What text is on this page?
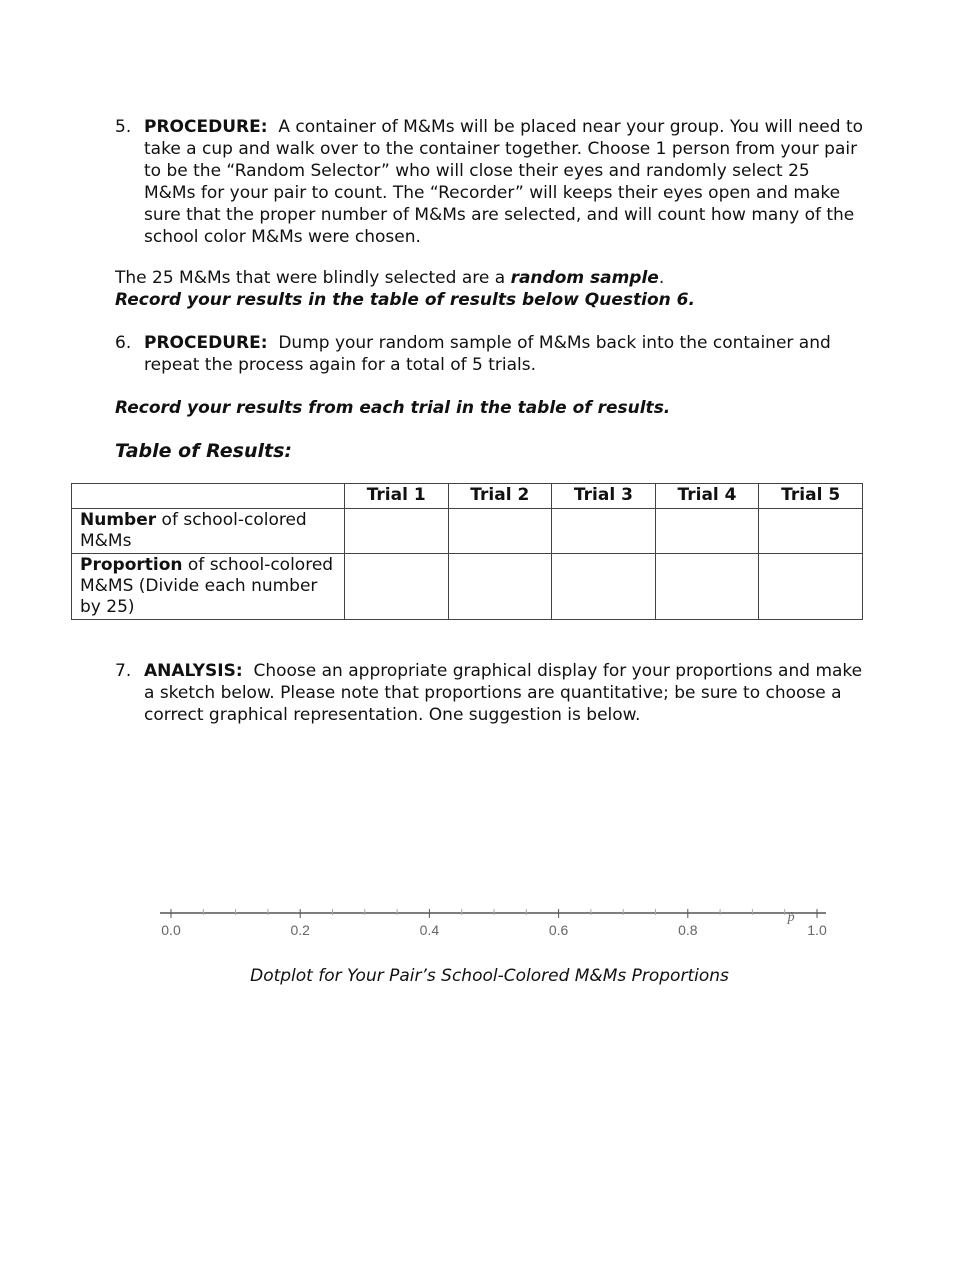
5. PROCEDURE: A container of M&Ms will be placed near your group. You will need to take a cup and walk over to the container together. Choose 1 person from your pair to be the “Random Selector” who will close their eyes and randomly select 25 M&Ms for your pair to count. The “Recorder” will keeps their eyes open and make sure that the proper number of M&Ms are selected, and will count how many of the school color M&Ms were chosen.
The 25 M&Ms that were blindly selected are a random sample.
Record your results in the table of results below Question 6.
6. PROCEDURE: Dump your random sample of M&Ms back into the container and repeat the process again for a total of 5 trials.
Record your results from each trial in the table of results.
Table of Results:
	Trial 1	Trial 2	Trial 3	Trial 4	Trial 5
Number of school-colored M&Ms					
Proportion of school-colored M&MS (Divide each number by 25)					
7. ANALYSIS: Choose an appropriate graphical display for your proportions and make a sketch below. Please note that proportions are quantitative; be sure to choose a correct graphical representation. One suggestion is below.
0.0	0.2	0.4	0.6	0.8	1.0
p̂
Dotplot for Your Pair’s School-Colored M&Ms Proportions
